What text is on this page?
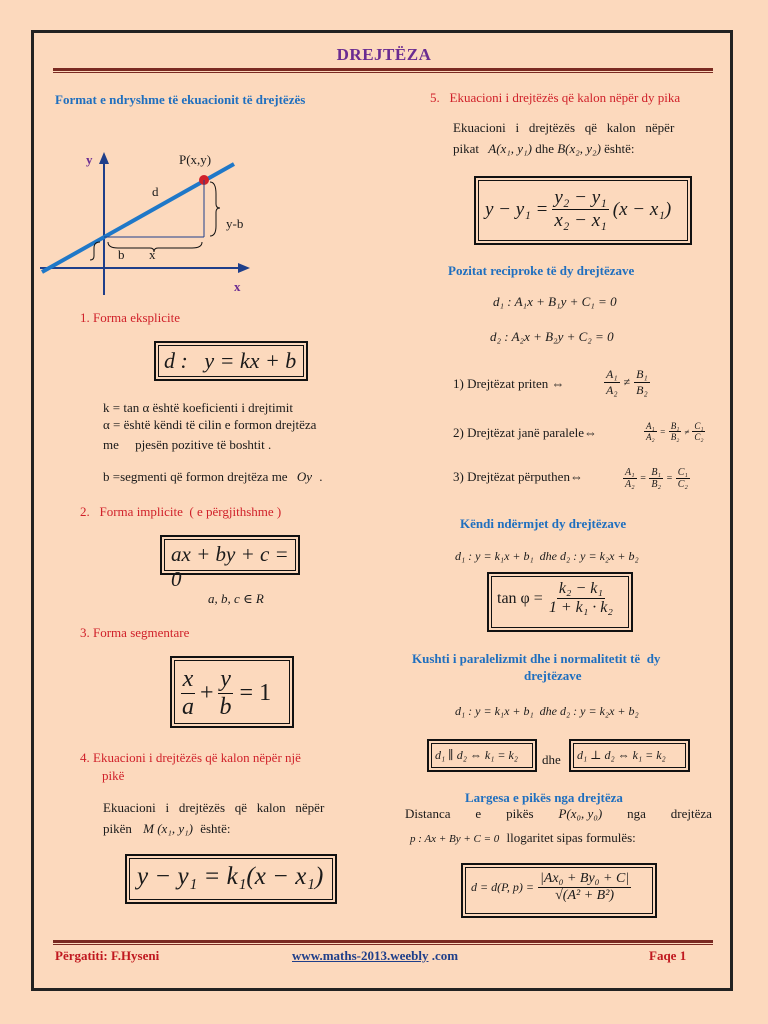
DREJTËZA
Format e ndryshme të ekuacionit të drejtëzës
y
x
P(x,y)
d
y-b
b x
1. Forma eksplicite
d :   y = kx + b
k = tan α është koeficienti i drejtimit
α = është këndi të cilin e formon drejtëza
me     pjesën pozitive të boshtit .
b =segmenti që formon drejtëza me Oy .
2.   Forma implicite  ( e përgjithshme )
ax + by + c = 0
a, b, c ∈ R
3. Forma segmentare
$\frac{x}{a} + \frac{y}{b} = 1$
4. Ekuacioni i drejtëzës që kalon nëpër një
pikë
Ekuacioni   i   drejtëzës   që   kalon   nëpër
pikën M (x₁, y₁) është:
y − y₁ = k₁(x − x₁)
5.   Ekuacioni i drejtëzës që kalon nëpër dy pika
Ekuacioni   i   drejtëzës   që   kalon   nëpër
pikat A(x₁, y₁) dhe B(x₂, y₂) është:
$y - y_1 = \frac{\text{y₂ − y₁}}{\text{x₂ − x₁}} (x - x_1)$
Pozitat reciproke të dy drejtëzave
d₁ : A₁x + B₁y + C₁ = 0
d₂ : A₂x + B₂y + C₂ = 0
1) Drejtëzat priten ⇔	$\frac{\text{A₁}}{\text{A₂}} \ne \frac{\text{B₁}}{\text{B₂}}$
2) Drejtëzat janë paralele⇔	$\frac{\text{A₁}}{\text{A₂}} = \frac{\text{B₁}}{\text{B₂}} \ne \frac{\text{C₁}}{\text{C₂}}$
3) Drejtëzat përputhen⇔	$\frac{\text{A₁}}{\text{A₂}} = \frac{\text{B₁}}{\text{B₂}} = \frac{\text{C₁}}{\text{C₂}}$
Këndi ndërmjet dy drejtëzave
d₁ : y = k₁x + b₁  dhe d₂ : y = k₂x + b₂
$\tan \varphi = \frac{\text{k₂ − k₁}}{\text{1 + k₁ · k₂}}$
Kushti i paralelizmit dhe i normalitetit të  dy
drejtëzave
d₁ : y = k₁x + b₁  dhe d₂ : y = k₂x + b₂
d₁ ∥ d₂ ⇔ k₁ = k₂ dhe d₁ ⊥ d₂ ⇔ k₁ = k₂
Largesa e pikës nga drejtëza
Distanca e pikës P(x₀, y₀) nga drejtëza
p : Ax + By + C = 0 llogaritet sipas formulës:
d = d(P, $p) = \frac{\text{|Ax₀ + By₀ + C|}}{\text{√(A² + B²)}}$
Përgatiti: F.Hyseni	www.maths-2013.weebly .com	Faqe 1
